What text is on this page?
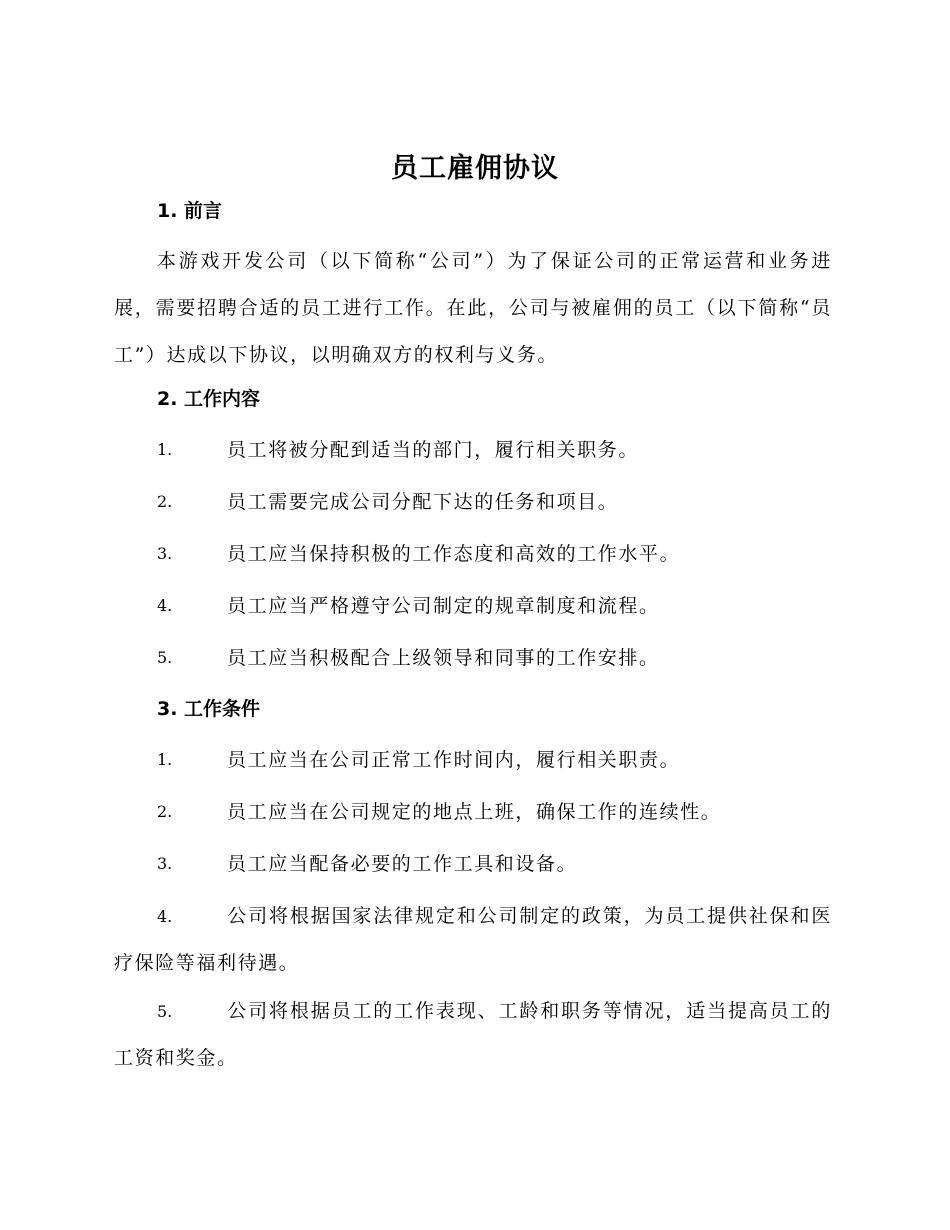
员工雇佣协议
1. 前言
本游戏开发公司（以下简称“公司”）为了保证公司的正常运营和业务进展，需要招聘合适的员工进行工作。在此，公司与被雇佣的员工（以下简称“员工”）达成以下协议，以明确双方的权利与义务。
2. 工作内容
1.	员工将被分配到适当的部门，履行相关职务。
2.	员工需要完成公司分配下达的任务和项目。
3.	员工应当保持积极的工作态度和高效的工作水平。
4.	员工应当严格遵守公司制定的规章制度和流程。
5.	员工应当积极配合上级领导和同事的工作安排。
3. 工作条件
1.	员工应当在公司正常工作时间内，履行相关职责。
2.	员工应当在公司规定的地点上班，确保工作的连续性。
3.	员工应当配备必要的工作工具和设备。
4.	公司将根据国家法律规定和公司制定的政策，为员工提供社保和医疗保险等福利待遇。
5.	公司将根据员工的工作表现、工龄和职务等情况，适当提高员工的工资和奖金。
